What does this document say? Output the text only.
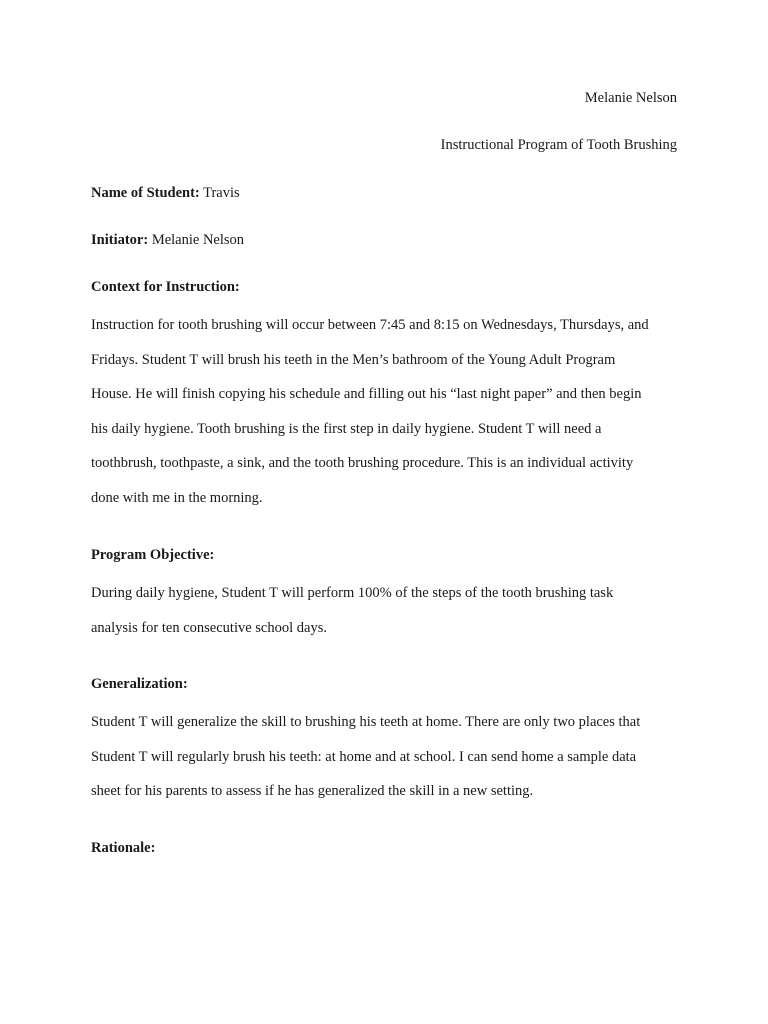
Melanie Nelson
Instructional Program of Tooth Brushing
Name of Student: Travis
Initiator: Melanie Nelson
Context for Instruction:

Instruction for tooth brushing will occur between 7:45 and 8:15 on Wednesdays, Thursdays, and
Fridays. Student T will brush his teeth in the Men’s bathroom of the Young Adult Program
House. He will finish copying his schedule and filling out his “last night paper” and then begin
his daily hygiene. Tooth brushing is the first step in daily hygiene. Student T will need a
toothbrush, toothpaste, a sink, and the tooth brushing procedure. This is an individual activity
done with me in the morning.

Program Objective:

During daily hygiene, Student T will perform 100% of the steps of the tooth brushing task
analysis for ten consecutive school days.

Generalization:

Student T will generalize the skill to brushing his teeth at home. There are only two places that
Student T will regularly brush his teeth: at home and at school. I can send home a sample data
sheet for his parents to assess if he has generalized the skill in a new setting.

Rationale:
